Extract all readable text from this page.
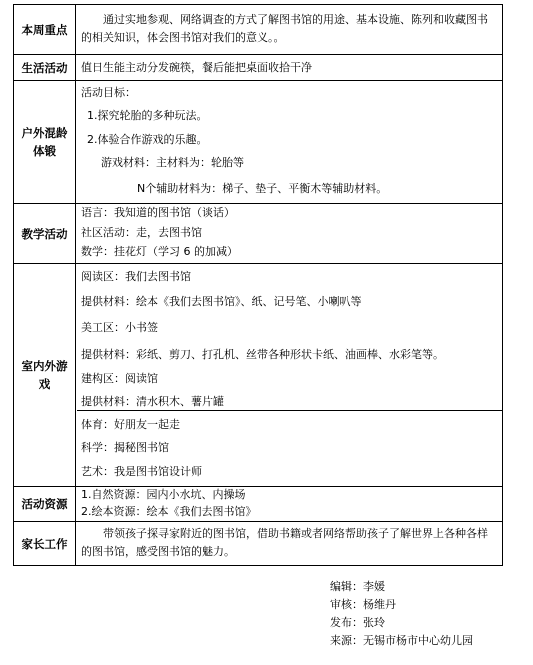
本周重点
通过实地参观、网络调查的方式了解图书馆的用途、基本设施、陈列和收藏图书的相关知识，体会图书馆对我们的意义。。
生活活动	值日生能主动分发碗筷，餐后能把桌面收拾干净
户外混龄体锻
活动目标：
1.探究轮胎的多种玩法。
2.体验合作游戏的乐趣。
游戏材料：主材料为：轮胎等
N个辅助材料为：梯子、垫子、平衡木等辅助材料。
教学活动
语言：我知道的图书馆（谈话）
社区活动：走，去图书馆
数学：挂花灯（学习 6 的加减）
室内外游戏
阅读区：我们去图书馆
提供材料：绘本《我们去图书馆》、纸、记号笔、小喇叭等
美工区：小书签
提供材料：彩纸、剪刀、打孔机、丝带各种形状卡纸、油画棒、水彩笔等。
建构区：阅读馆
提供材料：清水积木、薯片罐
体育：好朋友一起走
科学：揭秘图书馆
艺术：我是图书馆设计师
活动资源
1.自然资源：园内小水坑、内操场
2.绘本资源：绘本《我们去图书馆》
家长工作
带领孩子探寻家附近的图书馆，借助书籍或者网络帮助孩子了解世界上各种各样的图书馆，感受图书馆的魅力。
编辑：李媛
审核：杨维丹
发布：张玲
来源：无锡市杨市中心幼儿园
